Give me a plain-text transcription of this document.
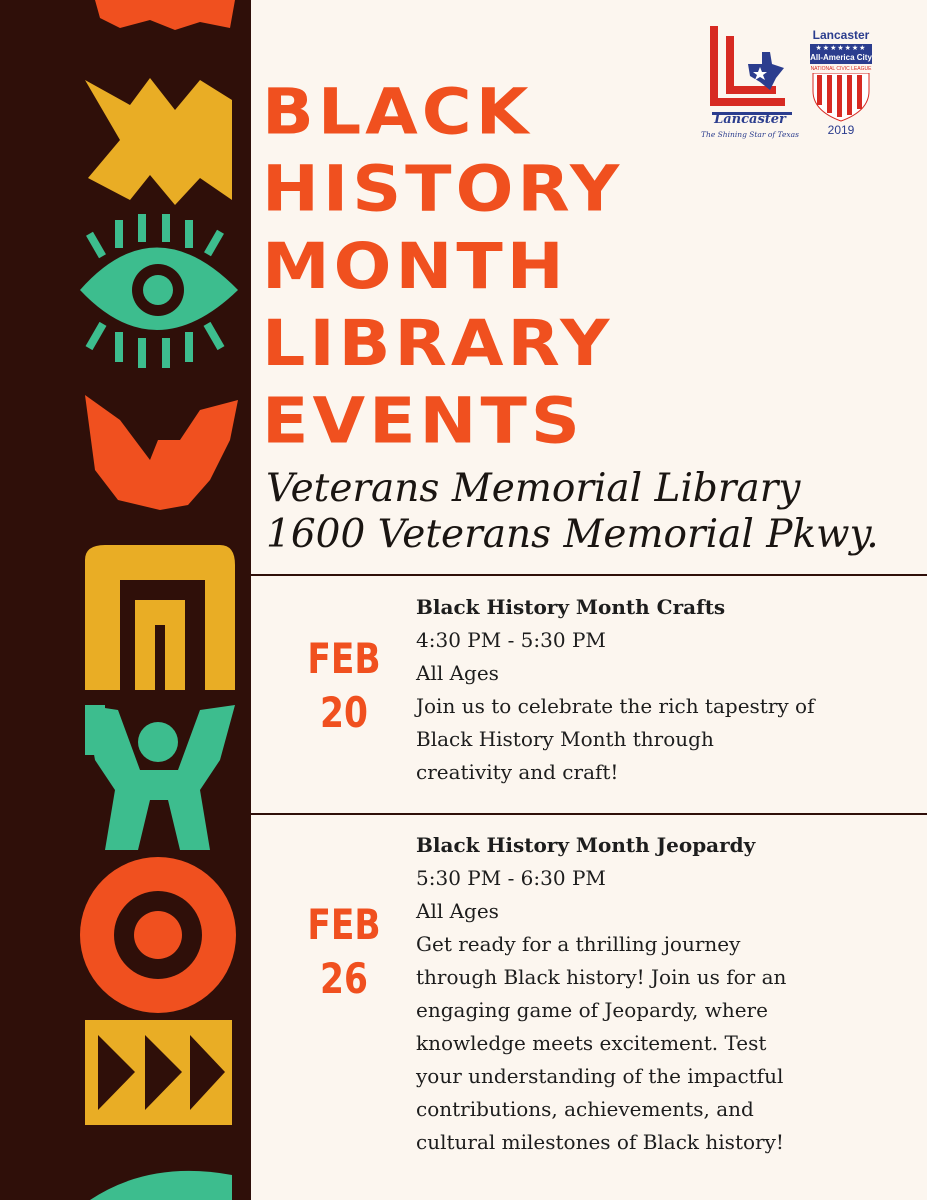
Lancaster
The Shining Star of Texas
Lancaster
★★★★★★★
All-America City
NATIONAL CIVIC LEAGUE
2019
BLACK
HISTORY
MONTH
LIBRARY
EVENTS
Veterans Memorial Library
1600 Veterans Memorial Pkwy.
FEB
20
Black History Month Crafts
4:30 PM - 5:30 PM
All Ages
Join us to celebrate the rich tapestry of
Black History Month through
creativity and craft!
FEB
26
Black History Month Jeopardy
5:30 PM - 6:30 PM
All Ages
Get ready for a thrilling journey
through Black history! Join us for an
engaging game of Jeopardy, where
knowledge meets excitement. Test
your understanding of the impactful
contributions, achievements, and
cultural milestones of Black history!
